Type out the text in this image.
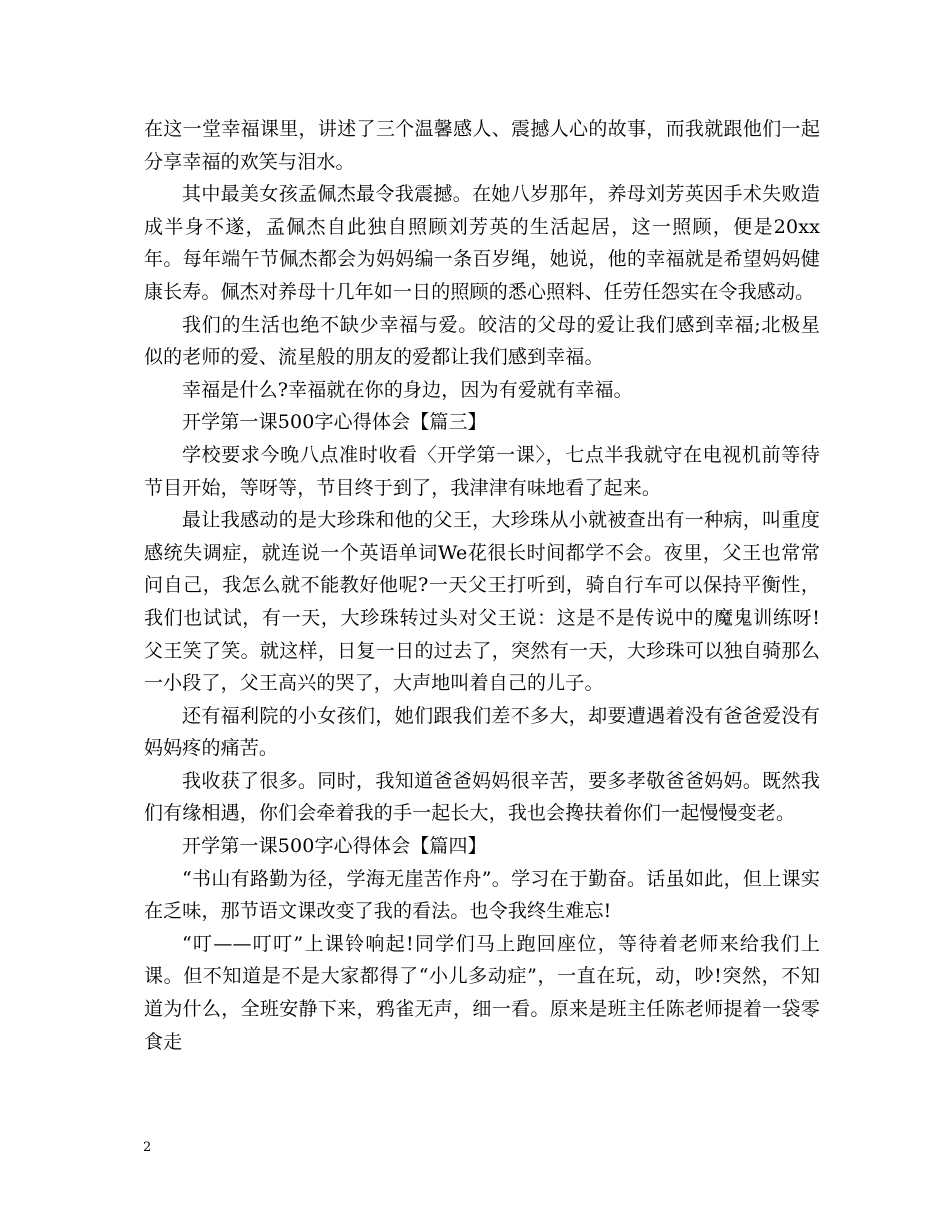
在这一堂幸福课里，讲述了三个温馨感人、震撼人心的故事，而我就跟他们一起分享幸福的欢笑与泪水。

其中最美女孩孟佩杰最令我震撼。在她八岁那年，养母刘芳英因手术失败造成半身不遂，孟佩杰自此独自照顾刘芳英的生活起居，这一照顾，便是20xx年。每年端午节佩杰都会为妈妈编一条百岁绳，她说，他的幸福就是希望妈妈健康长寿。佩杰对养母十几年如一日的照顾的悉心照料、任劳任怨实在令我感动。

我们的生活也绝不缺少幸福与爱。皎洁的父母的爱让我们感到幸福;北极星似的老师的爱、流星般的朋友的爱都让我们感到幸福。

幸福是什么?幸福就在你的身边，因为有爱就有幸福。

开学第一课500字心得体会【篇三】

学校要求今晚八点准时收看〈开学第一课〉，七点半我就守在电视机前等待节目开始，等呀等，节目终于到了，我津津有味地看了起来。

最让我感动的是大珍珠和他的父王，大珍珠从小就被查出有一种病，叫重度感统失调症，就连说一个英语单词We花很长时间都学不会。夜里，父王也常常问自己，我怎么就不能教好他呢?一天父王打听到，骑自行车可以保持平衡性，我们也试试，有一天，大珍珠转过头对父王说：这是不是传说中的魔鬼训练呀!父王笑了笑。就这样，日复一日的过去了，突然有一天，大珍珠可以独自骑那么一小段了，父王高兴的哭了，大声地叫着自己的儿子。

还有福利院的小女孩们，她们跟我们差不多大，却要遭遇着没有爸爸爱没有妈妈疼的痛苦。

我收获了很多。同时，我知道爸爸妈妈很辛苦，要多孝敬爸爸妈妈。既然我们有缘相遇，你们会牵着我的手一起长大，我也会搀扶着你们一起慢慢变老。

开学第一课500字心得体会【篇四】

“书山有路勤为径，学海无崖苦作舟”。学习在于勤奋。话虽如此，但上课实在乏味，那节语文课改变了我的看法。也令我终生难忘!

“叮——叮叮”上课铃响起!同学们马上跑回座位，等待着老师来给我们上课。但不知道是不是大家都得了“小儿多动症”，一直在玩，动，吵!突然，不知道为什么，全班安静下来，鸦雀无声，细一看。原来是班主任陈老师提着一袋零食走

2
